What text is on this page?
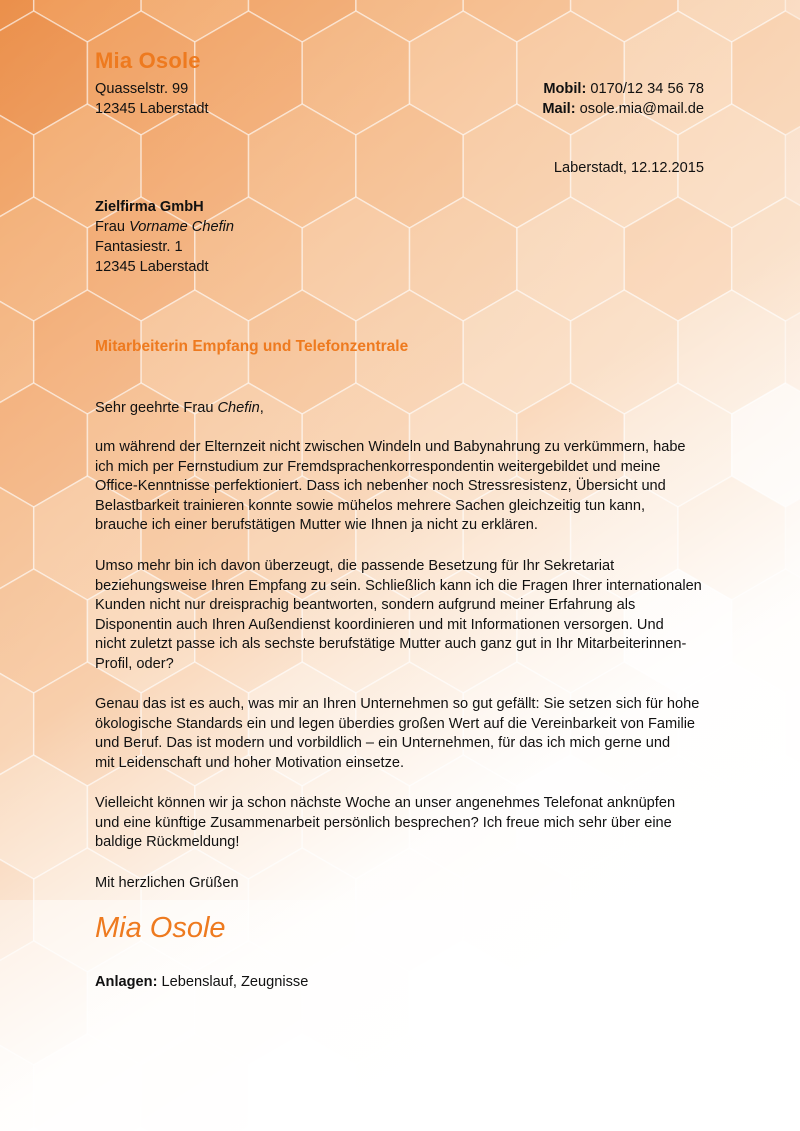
Mia Osole
Quasselstr. 99
12345 Laberstadt
Mobil: 0170/12 34 56 78
Mail: osole.mia@mail.de
Laberstadt, 12.12.2015
Zielfirma GmbH
Frau Vorname Chefin
Fantasiestr. 1
12345 Laberstadt
Mitarbeiterin Empfang und Telefonzentrale
Sehr geehrte Frau Chefin,
um während der Elternzeit nicht zwischen Windeln und Babynahrung zu verkümmern, habe
ich mich per Fernstudium zur Fremdsprachenkorrespondentin weitergebildet und meine
Office-Kenntnisse perfektioniert. Dass ich nebenher noch Stressresistenz, Übersicht und
Belastbarkeit trainieren konnte sowie mühelos mehrere Sachen gleichzeitig tun kann,
brauche ich einer berufstätigen Mutter wie Ihnen ja nicht zu erklären.
Umso mehr bin ich davon überzeugt, die passende Besetzung für Ihr Sekretariat
beziehungsweise Ihren Empfang zu sein. Schließlich kann ich die Fragen Ihrer internationalen
Kunden nicht nur dreisprachig beantworten, sondern aufgrund meiner Erfahrung als
Disponentin auch Ihren Außendienst koordinieren und mit Informationen versorgen. Und
nicht zuletzt passe ich als sechste berufstätige Mutter auch ganz gut in Ihr Mitarbeiterinnen-
Profil, oder?
Genau das ist es auch, was mir an Ihren Unternehmen so gut gefällt: Sie setzen sich für hohe
ökologische Standards ein und legen überdies großen Wert auf die Vereinbarkeit von Familie
und Beruf. Das ist modern und vorbildlich – ein Unternehmen, für das ich mich gerne und
mit Leidenschaft und hoher Motivation einsetze.
Vielleicht können wir ja schon nächste Woche an unser angenehmes Telefonat anknüpfen
und eine künftige Zusammenarbeit persönlich besprechen? Ich freue mich sehr über eine
baldige Rückmeldung!
Mit herzlichen Grüßen
Mia Osole
Anlagen: Lebenslauf, Zeugnisse
